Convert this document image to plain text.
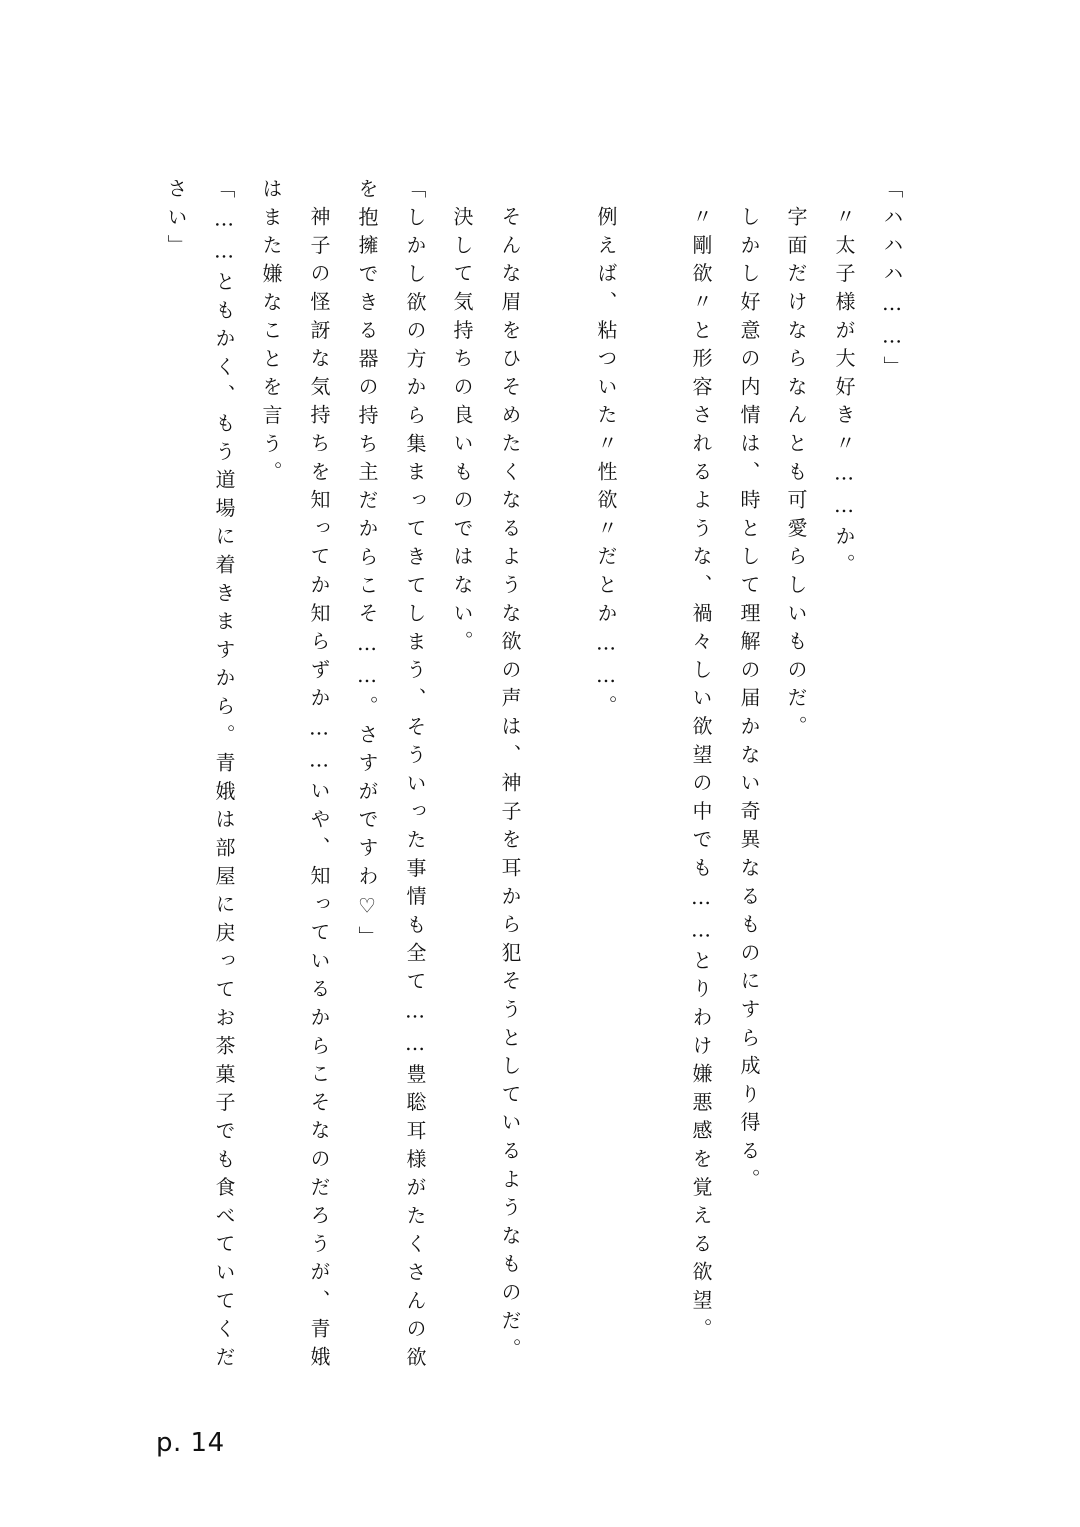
「ハハハ……」
〃太子様が大好き〃……か。
字面だけならなんとも可愛らしいものだ。
しかし好意の内情は、時として理解の届かない奇異なるものにすら成り得る。
〃剛欲〃と形容されるような、禍々しい欲望の中でも……とりわけ嫌悪感を覚える欲望。
例えば、粘ついた〃性欲〃だとか……。
そんな眉をひそめたくなるような欲の声は、神子を耳から犯そうとしているようなものだ。
決して気持ちの良いものではない。
「しかし欲の方から集まってきてしまう、そういった事情も全て……豊聡耳様がたくさんの欲
を抱擁できる器の持ち主だからこそ……。さすがですわ♡」
神子の怪訝な気持ちを知ってか知らずか……いや、知っているからこそなのだろうが、青娥
はまた嫌なことを言う。
「……ともかく、もう道場に着きますから。青娥は部屋に戻ってお茶菓子でも食べていてくだ
さい」
p. 14
